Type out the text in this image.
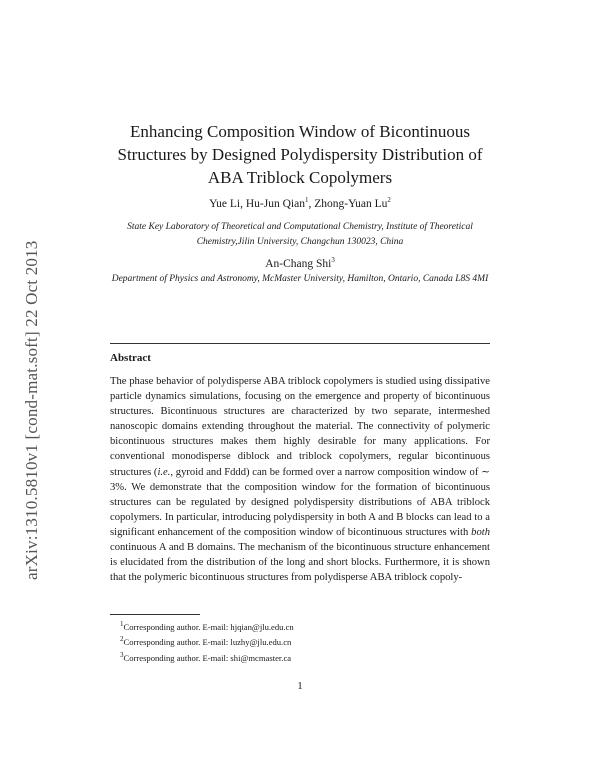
arXiv:1310.5810v1 [cond-mat.soft] 22 Oct 2013
Enhancing Composition Window of Bicontinuous Structures by Designed Polydispersity Distribution of ABA Triblock Copolymers
Yue Li, Hu-Jun Qian$^1$, Zhong-Yuan Lu$^2$
State Key Laboratory of Theoretical and Computational Chemistry, Institute of Theoretical Chemistry,Jilin University, Changchun 130023, China
An-Chang Shi$^3$
Department of Physics and Astronomy, McMaster University, Hamilton, Ontario, Canada L8S 4MI
Abstract

The phase behavior of polydisperse ABA triblock copolymers is studied using dissipative particle dynamics simulations, focusing on the emergence and property of bicontinuous structures. Bicontinuous structures are characterized by two separate, intermeshed nanoscopic domains extending throughout the material. The connectivity of polymeric bicontinuous structures makes them highly desirable for many applications. For conventional monodisperse diblock and triblock copolymers, regular bicontinuous structures (i.e., gyroid and Fddd) can be formed over a narrow composition window of ∼ 3%. We demonstrate that the composition window for the formation of bicontinuous structures can be regulated by designed polydispersity distributions of ABA triblock copolymers. In particular, introducing polydispersity in both A and B blocks can lead to a significant enhancement of the composition window of bicontinuous structures with both continuous A and B domains. The mechanism of the bicontinuous structure enhancement is elucidated from the distribution of the long and short blocks. Furthermore, it is shown that the polymeric bicontinuous structures from polydisperse ABA triblock copoly-

$^1$Corresponding author. E-mail: hjqian@jlu.edu.cn
$^2$Corresponding author. E-mail: luzhy@jlu.edu.cn
$^3$Corresponding author. E-mail: shi@mcmaster.ca
1
